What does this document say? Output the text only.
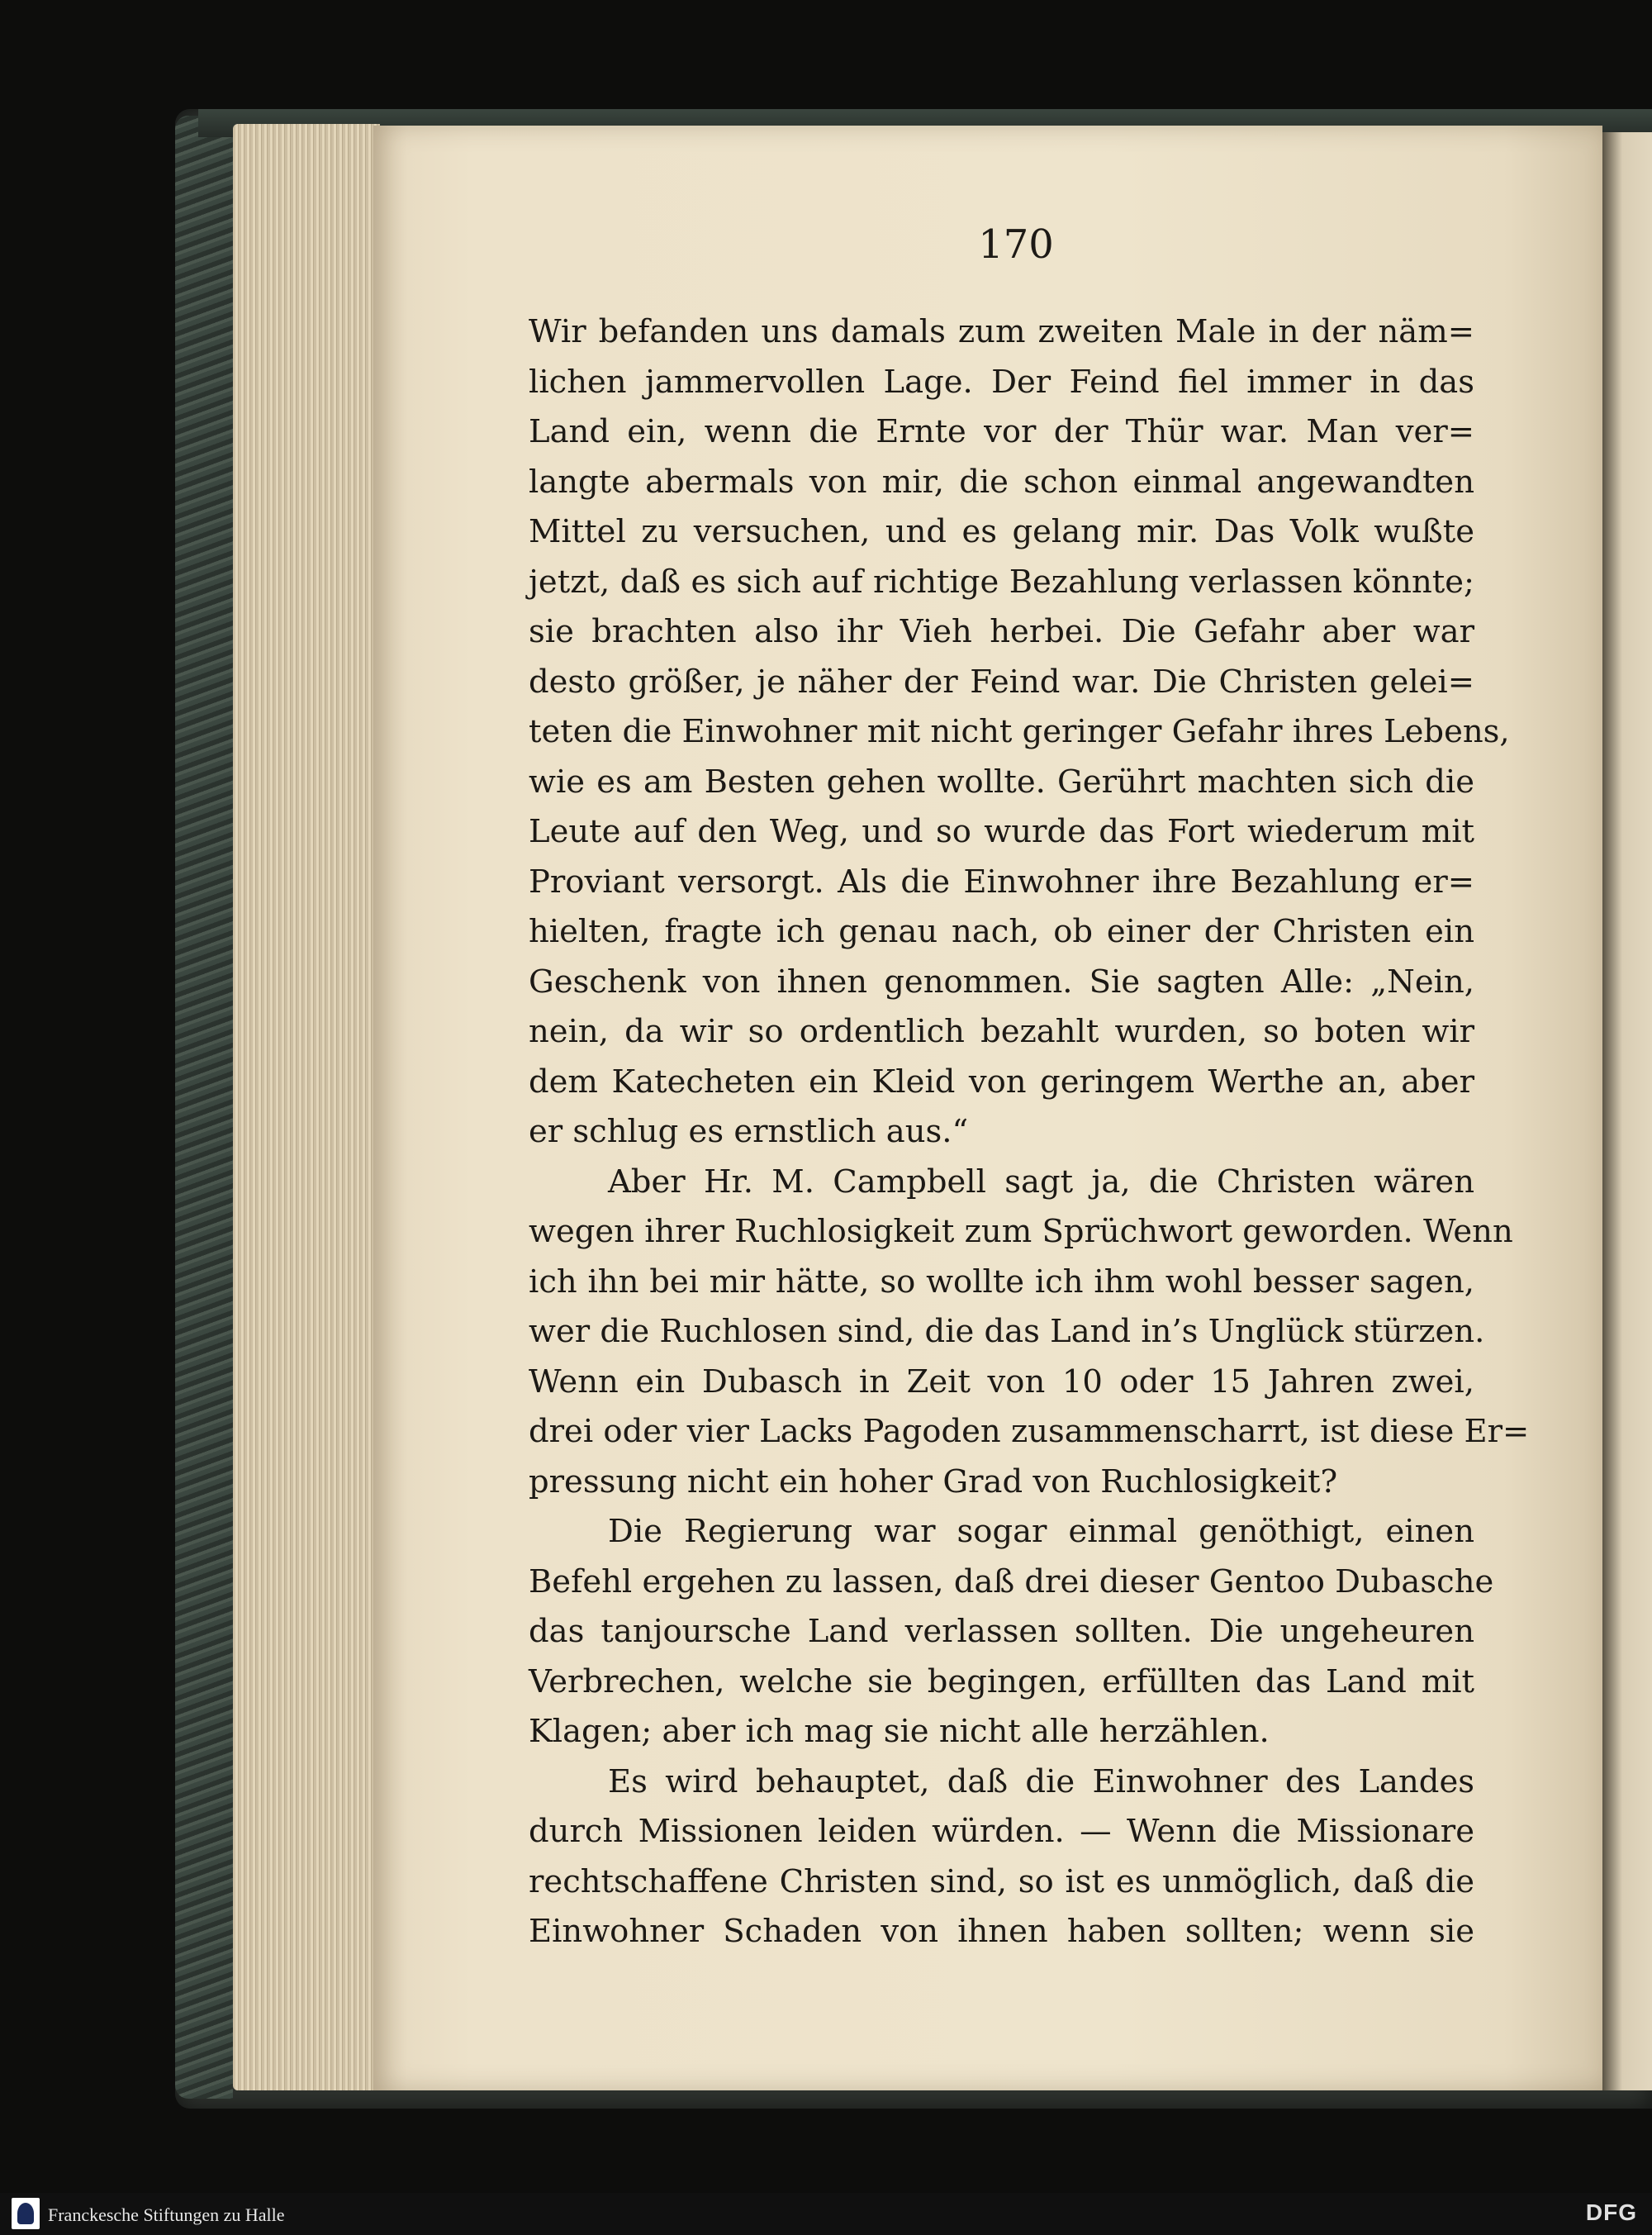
170
Wir befanden uns damals zum zweiten Male in der näm=
lichen jammervollen Lage. Der Feind fiel immer in das
Land ein, wenn die Ernte vor der Thür war. Man ver=
langte abermals von mir, die schon einmal angewandten
Mittel zu versuchen, und es gelang mir. Das Volk wußte
jetzt, daß es sich auf richtige Bezahlung verlassen könnte;
sie brachten also ihr Vieh herbei. Die Gefahr aber war
desto größer, je näher der Feind war. Die Christen gelei=
teten die Einwohner mit nicht geringer Gefahr ihres Lebens,
wie es am Besten gehen wollte. Gerührt machten sich die
Leute auf den Weg, und so wurde das Fort wiederum mit
Proviant versorgt. Als die Einwohner ihre Bezahlung er=
hielten, fragte ich genau nach, ob einer der Christen ein
Geschenk von ihnen genommen. Sie sagten Alle: „Nein,
nein, da wir so ordentlich bezahlt wurden, so boten wir
dem Katecheten ein Kleid von geringem Werthe an, aber
er schlug es ernstlich aus.“
Aber Hr. M. Campbell sagt ja, die Christen wären
wegen ihrer Ruchlosigkeit zum Sprüchwort geworden. Wenn
ich ihn bei mir hätte, so wollte ich ihm wohl besser sagen,
wer die Ruchlosen sind, die das Land in’s Unglück stürzen.
Wenn ein Dubasch in Zeit von 10 oder 15 Jahren zwei,
drei oder vier Lacks Pagoden zusammenscharrt, ist diese Er=
pressung nicht ein hoher Grad von Ruchlosigkeit?
Die Regierung war sogar einmal genöthigt, einen
Befehl ergehen zu lassen, daß drei dieser Gentoo Dubasche
das tanjoursche Land verlassen sollten. Die ungeheuren
Verbrechen, welche sie begingen, erfüllten das Land mit
Klagen; aber ich mag sie nicht alle herzählen.
Es wird behauptet, daß die Einwohner des Landes
durch Missionen leiden würden. — Wenn die Missionare
rechtschaffene Christen sind, so ist es unmöglich, daß die
Einwohner Schaden von ihnen haben sollten; wenn sie
Franckesche Stiftungen zu Halle	DFG
